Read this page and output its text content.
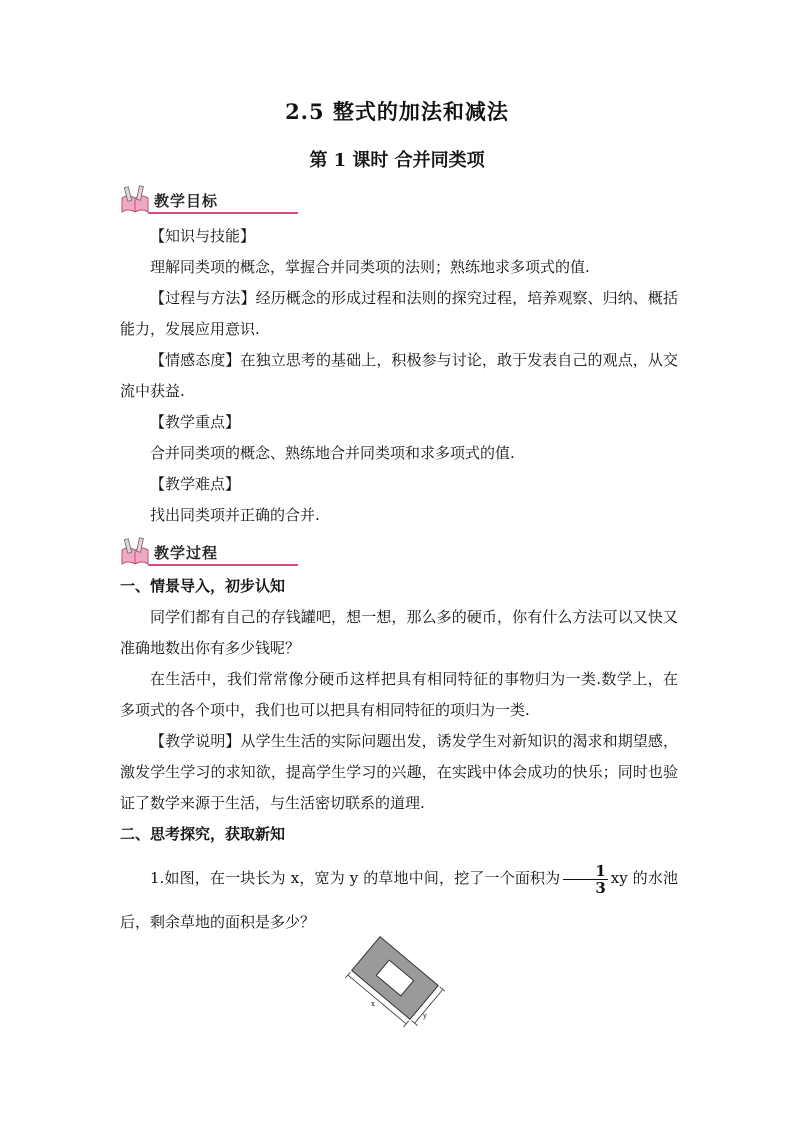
2.5 整式的加法和减法
第 1 课时 合并同类项
教学目标
【知识与技能】
理解同类项的概念，掌握合并同类项的法则；熟练地求多项式的值.
【过程与方法】经历概念的形成过程和法则的探究过程，培养观察、归纳、概括能力，发展应用意识.
【情感态度】在独立思考的基础上，积极参与讨论，敢于发表自己的观点，从交流中获益.
【教学重点】
合并同类项的概念、熟练地合并同类项和求多项式的值.
【教学难点】
找出同类项并正确的合并.
教学过程
一、情景导入，初步认知
同学们都有自己的存钱罐吧，想一想，那么多的硬币，你有什么方法可以又快又准确地数出你有多少钱呢？
在生活中，我们常常像分硬币这样把具有相同特征的事物归为一类.数学上，在多项式的各个项中，我们也可以把具有相同特征的项归为一类.
【教学说明】从学生生活的实际问题出发，诱发学生对新知识的渴求和期望感，激发学生学习的求知欲，提高学生学习的兴趣，在实践中体会成功的快乐；同时也验证了数学来源于生活，与生活密切联系的道理.
二、思考探究，获取新知
1.如图，在一块长为 x，宽为 y 的草地中间，挖了一个面积为 $\frac{1}{3}$ xy 的水池后，剩余草地的面积是多少？
x
y
